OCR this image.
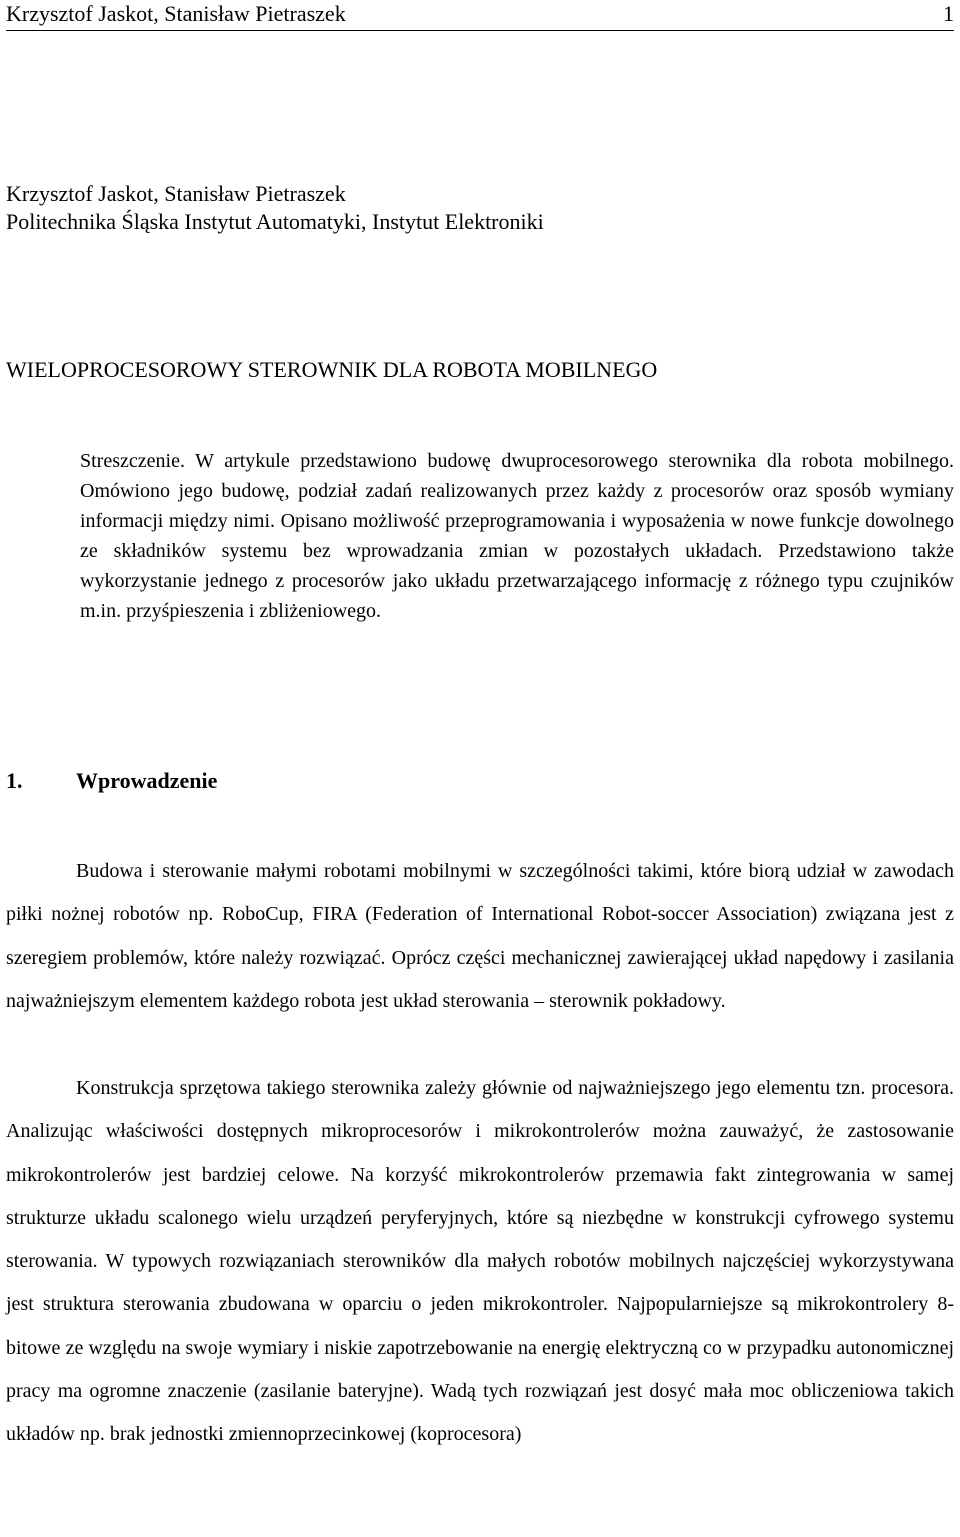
Krzysztof Jaskot, Stanisław Pietraszek	1
Krzysztof Jaskot, Stanisław Pietraszek
Politechnika Śląska Instytut Automatyki, Instytut Elektroniki
WIELOPROCESOROWY STEROWNIK DLA ROBOTA MOBILNEGO

Streszczenie. W artykule przedstawiono budowę dwuprocesorowego sterownika dla robota mobilnego. Omówiono jego budowę, podział zadań realizowanych przez każdy z procesorów oraz sposób wymiany informacji między nimi. Opisano możliwość przeprogramowania i wyposażenia w nowe funkcje dowolnego ze składników systemu bez wprowadzania zmian w pozostałych układach. Przedstawiono także wykorzystanie jednego z procesorów jako układu przetwarzającego informację z różnego typu czujników m.in. przyśpieszenia i zbliżeniowego.

1. Wprowadzenie

Budowa i sterowanie małymi robotami mobilnymi w szczególności takimi, które biorą udział w zawodach piłki nożnej robotów np. RoboCup, FIRA (Federation of International Robot-soccer Association) związana jest z szeregiem problemów, które należy rozwiązać. Oprócz części mechanicznej zawierającej układ napędowy i zasilania najważniejszym elementem każdego robota jest układ sterowania – sterownik pokładowy.

Konstrukcja sprzętowa takiego sterownika zależy głównie od najważniejszego jego elementu tzn. procesora. Analizując właściwości dostępnych mikroprocesorów i mikrokontrolerów można zauważyć, że zastosowanie mikrokontrolerów jest bardziej celowe. Na korzyść mikrokontrolerów przemawia fakt zintegrowania w samej strukturze układu scalonego wielu urządzeń peryferyjnych, które są niezbędne w konstrukcji cyfrowego systemu sterowania. W typowych rozwiązaniach sterowników dla małych robotów mobilnych najczęściej wykorzystywana jest struktura sterowania zbudowana w oparciu o jeden mikrokontroler. Najpopularniejsze są mikrokontrolery 8-bitowe ze względu na swoje wymiary i niskie zapotrzebowanie na energię elektryczną co w przypadku autonomicznej pracy ma ogromne znaczenie (zasilanie bateryjne). Wadą tych rozwiązań jest dosyć mała moc obliczeniowa takich układów np. brak jednostki zmiennoprzecinkowej (koprocesora)
